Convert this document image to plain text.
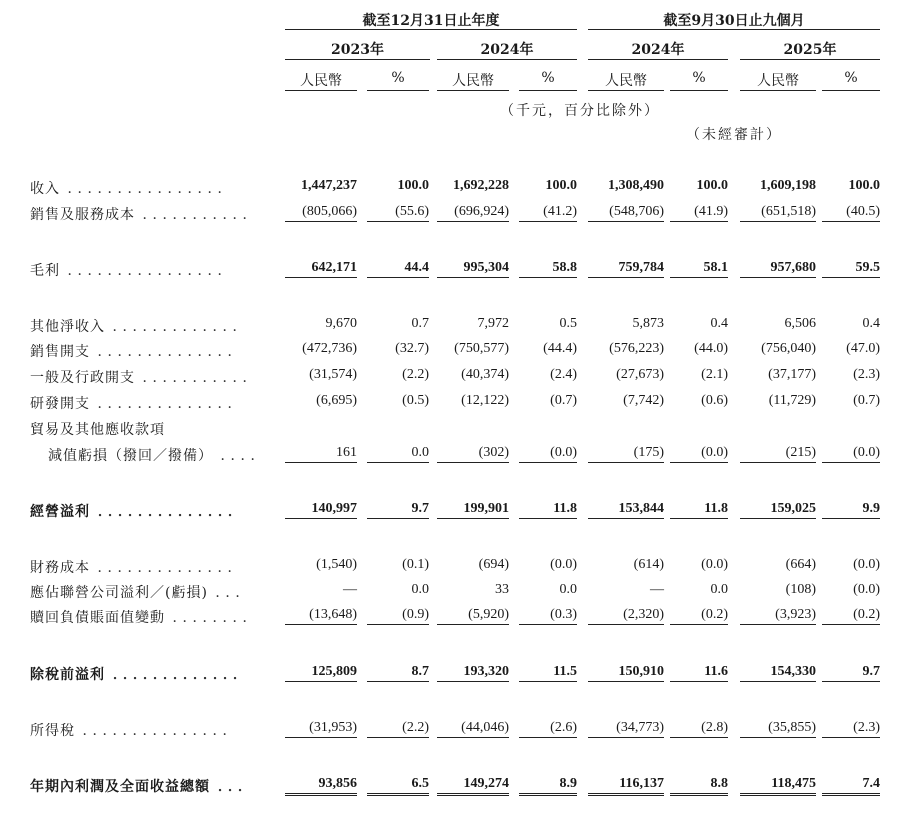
截至12月31日止年度	截至9月30日止九個月
2023年	2024年	2024年	2025年
人民幣	%	人民幣	%	人民幣	%	人民幣	%
（千元，百分比除外）
（未經審計）
收入 ．．．．．．．．．．．．．．．．	1,447,237	100.0	1,692,228	100.0	1,308,490	100.0	1,609,198	100.0
銷售及服務成本 ．．．．．．．．．．．	(805,066)	(55.6)	(696,924)	(41.2)	(548,706)	(41.9)	(651,518)	(40.5)
毛利 ．．．．．．．．．．．．．．．．	642,171	44.4	995,304	58.8	759,784	58.1	957,680	59.5
其他淨收入 ．．．．．．．．．．．．．	9,670	0.7	7,972	0.5	5,873	0.4	6,506	0.4
銷售開支 ．．．．．．．．．．．．．．	(472,736)	(32.7)	(750,577)	(44.4)	(576,223)	(44.0)	(756,040)	(47.0)
一般及行政開支 ．．．．．．．．．．．	(31,574)	(2.2)	(40,374)	(2.4)	(27,673)	(2.1)	(37,177)	(2.3)
研發開支 ．．．．．．．．．．．．．．	(6,695)	(0.5)	(12,122)	(0.7)	(7,742)	(0.6)	(11,729)	(0.7)
貿易及其他應收款項
減值虧損（撥回／撥備） ．．．．	161	0.0	(302)	(0.0)	(175)	(0.0)	(215)	(0.0)
經營溢利 ．．．．．．．．．．．．．．	140,997	9.7	199,901	11.8	153,844	11.8	159,025	9.9
財務成本 ．．．．．．．．．．．．．．	(1,540)	(0.1)	(694)	(0.0)	(614)	(0.0)	(664)	(0.0)
應佔聯營公司溢利／(虧損) ．．．	—	0.0	33	0.0	—	0.0	(108)	(0.0)
贖回負債賬面值變動 ．．．．．．．．	(13,648)	(0.9)	(5,920)	(0.3)	(2,320)	(0.2)	(3,923)	(0.2)
除稅前溢利 ．．．．．．．．．．．．．	125,809	8.7	193,320	11.5	150,910	11.6	154,330	9.7
所得稅 ．．．．．．．．．．．．．．．	(31,953)	(2.2)	(44,046)	(2.6)	(34,773)	(2.8)	(35,855)	(2.3)
年期內利潤及全面收益總額 ．．．	93,856	6.5	149,274	8.9	116,137	8.8	118,475	7.4
